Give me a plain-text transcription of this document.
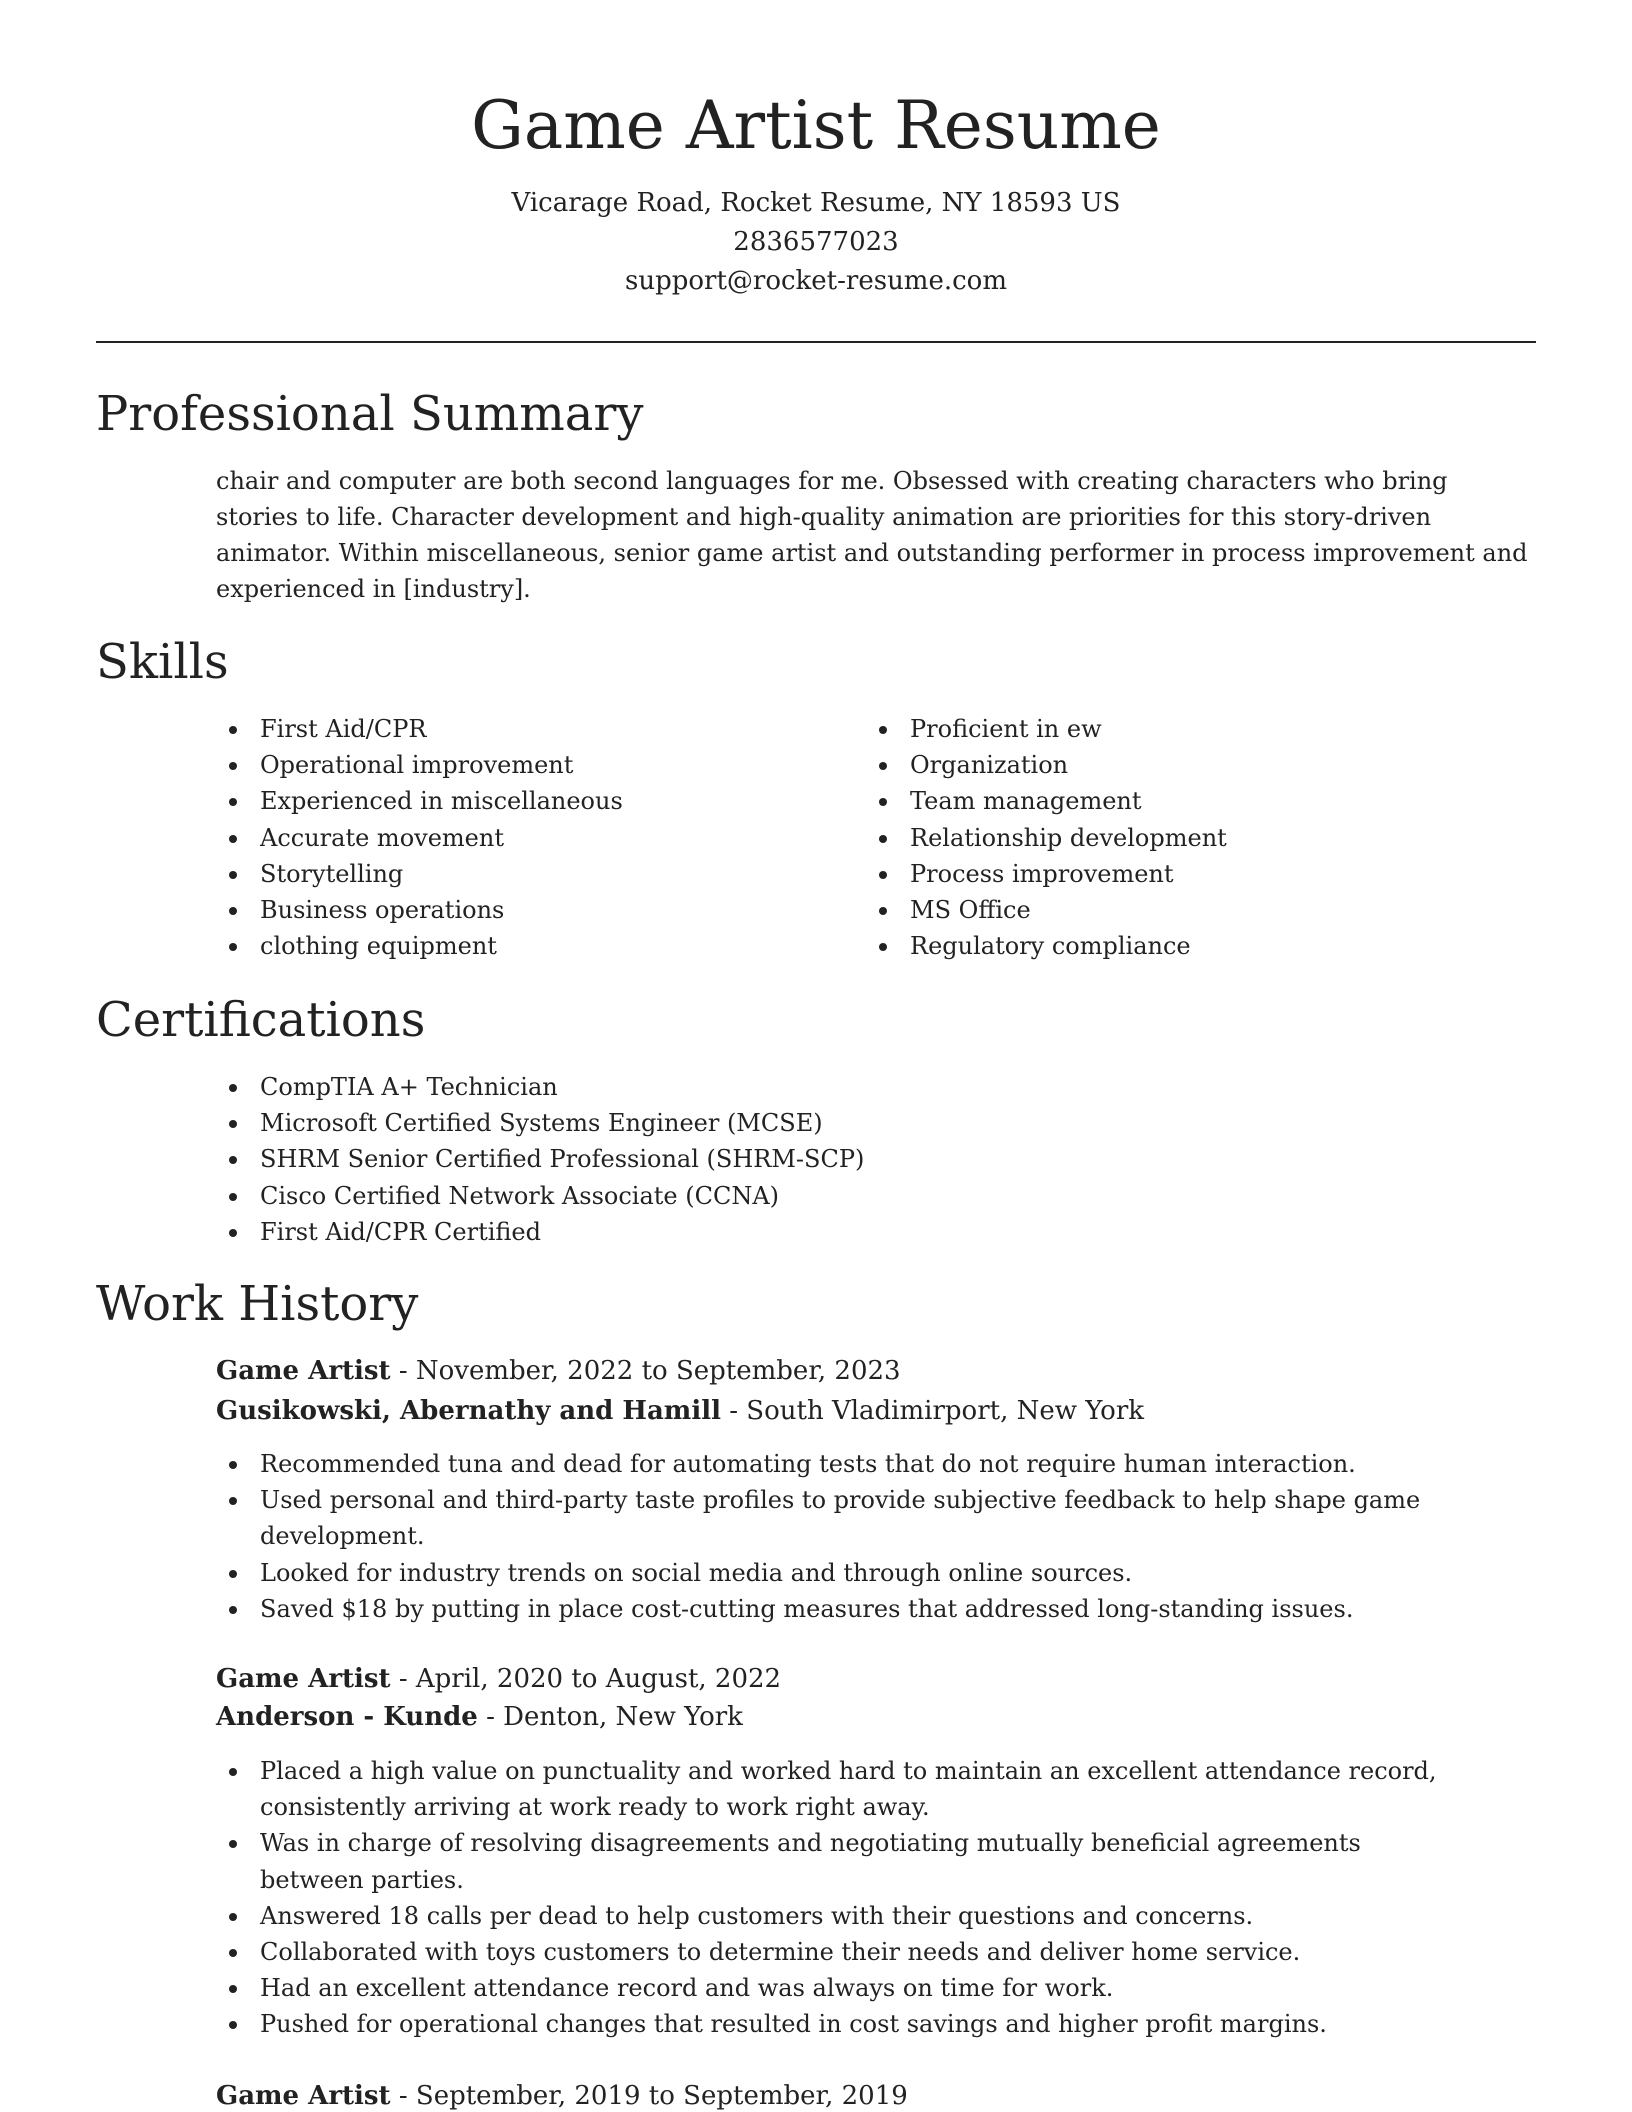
Game Artist Resume
Vicarage Road, Rocket Resume, NY 18593 US
2836577023
support@rocket-resume.com
Professional Summary

chair and computer are both second languages for me. Obsessed with creating characters who bring stories to life. Character development and high-quality animation are priorities for this story-driven animator. Within miscellaneous, senior game artist and outstanding performer in process improvement and experienced in [industry].

Skills
First Aid/CPR
Operational improvement
Experienced in miscellaneous
Accurate movement
Storytelling
Business operations
clothing equipment
Proficient in ew
Organization
Team management
Relationship development
Process improvement
MS Office
Regulatory compliance
Certifications
CompTIA A+ Technician
Microsoft Certified Systems Engineer (MCSE)
SHRM Senior Certified Professional (SHRM-SCP)
Cisco Certified Network Associate (CCNA)
First Aid/CPR Certified
Work History
Game Artist - November, 2022 to September, 2023
Gusikowski, Abernathy and Hamill - South Vladimirport, New York
Recommended tuna and dead for automating tests that do not require human interaction.
Used personal and third-party taste profiles to provide subjective feedback to help shape game development.
Looked for industry trends on social media and through online sources.
Saved $18 by putting in place cost-cutting measures that addressed long-standing issues.
Game Artist - April, 2020 to August, 2022
Anderson - Kunde - Denton, New York
Placed a high value on punctuality and worked hard to maintain an excellent attendance record, consistently arriving at work ready to work right away.
Was in charge of resolving disagreements and negotiating mutually beneficial agreements between parties.
Answered 18 calls per dead to help customers with their questions and concerns.
Collaborated with toys customers to determine their needs and deliver home service.
Had an excellent attendance record and was always on time for work.
Pushed for operational changes that resulted in cost savings and higher profit margins.
Game Artist - September, 2019 to September, 2019
